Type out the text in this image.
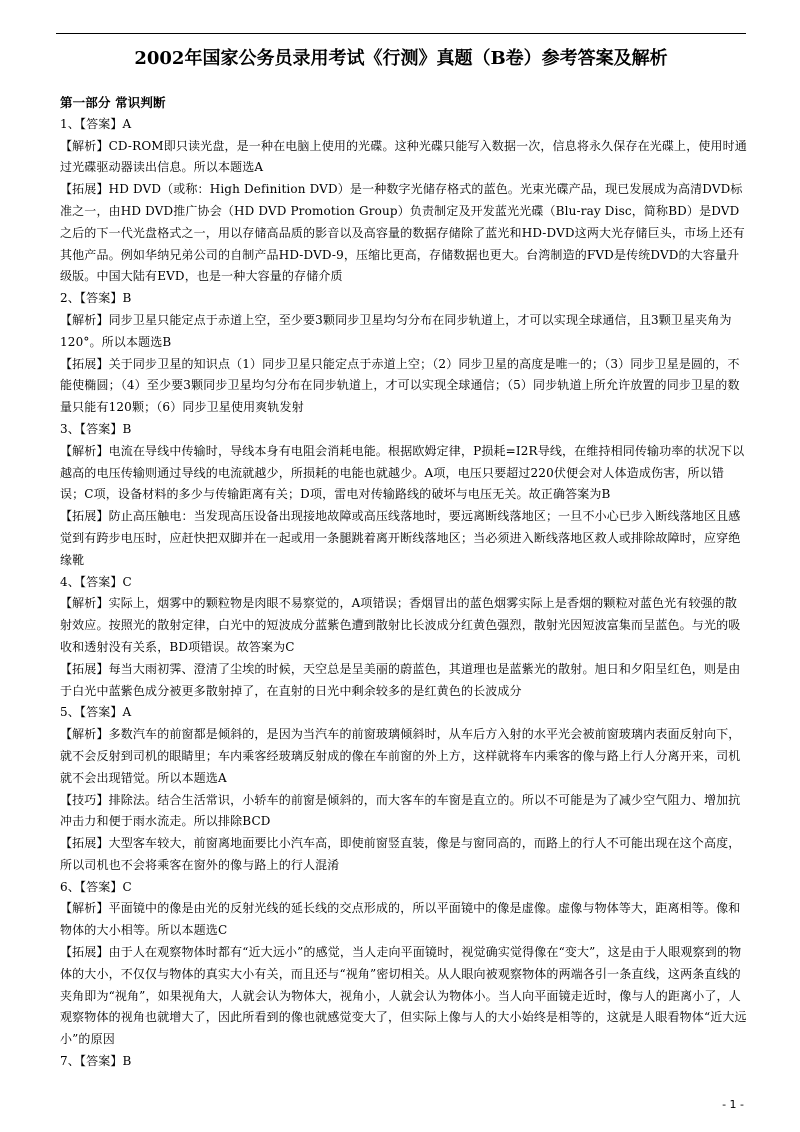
2002年国家公务员录用考试《行测》真题（B卷）参考答案及解析
第一部分 常识判断
1、【答案】A
【解析】CD-ROM即只读光盘，是一种在电脑上使用的光碟。这种光碟只能写入数据一次，信息将永久保存在光碟上，使用时通过光碟驱动器读出信息。所以本题选A
【拓展】HD DVD（或称：High Definition DVD）是一种数字光储存格式的蓝色。光束光碟产品，现已发展成为高清DVD标准之一，由HD DVD推广协会（HD DVD Promotion Group）负责制定及开发蓝光光碟（Blu-ray Disc，简称BD）是DVD之后的下一代光盘格式之一，用以存储高品质的影音以及高容量的数据存储除了蓝光和HD-DVD这两大光存储巨头，市场上还有其他产品。例如华纳兄弟公司的自制产品HD-DVD-9，压缩比更高，存储数据也更大。台湾制造的FVD是传统DVD的大容量升级版。中国大陆有EVD，也是一种大容量的存储介质
2、【答案】B
【解析】同步卫星只能定点于赤道上空，至少要3颗同步卫星均匀分布在同步轨道上，才可以实现全球通信，且3颗卫星夹角为120°。所以本题选B
【拓展】关于同步卫星的知识点（1）同步卫星只能定点于赤道上空；（2）同步卫星的高度是唯一的；（3）同步卫星是圆的，不能使椭圆；（4）至少要3颗同步卫星均匀分布在同步轨道上，才可以实现全球通信；（5）同步轨道上所允许放置的同步卫星的数量只能有120颗；（6）同步卫星使用爽轨发射
3、【答案】B
【解析】电流在导线中传输时，导线本身有电阻会消耗电能。根据欧姆定律，P损耗=I2R导线，在维持相同传输功率的状况下以越高的电压传输则通过导线的电流就越少，所损耗的电能也就越少。A项，电压只要超过220伏便会对人体造成伤害，所以错误；C项，设备材料的多少与传输距离有关；D项，雷电对传输路线的破坏与电压无关。故正确答案为B
【拓展】防止高压触电：当发现高压设备出现接地故障或高压线落地时，要远离断线落地区；一旦不小心已步入断线落地区且感觉到有跨步电压时，应赶快把双脚并在一起或用一条腿跳着离开断线落地区；当必须进入断线落地区救人或排除故障时，应穿绝缘靴
4、【答案】C
【解析】实际上，烟雾中的颗粒物是肉眼不易察觉的，A项错误；香烟冒出的蓝色烟雾实际上是香烟的颗粒对蓝色光有较强的散射效应。按照光的散射定律，白光中的短波成分蓝紫色遭到散射比长波成分红黄色强烈，散射光因短波富集而呈蓝色。与光的吸收和透射没有关系，BD项错误。故答案为C
【拓展】每当大雨初霁、澄清了尘埃的时候，天空总是呈美丽的蔚蓝色，其道理也是蓝紫光的散射。旭日和夕阳呈红色，则是由于白光中蓝紫色成分被更多散射掉了，在直射的日光中剩余较多的是红黄色的长波成分
5、【答案】A
【解析】多数汽车的前窗都是倾斜的，是因为当汽车的前窗玻璃倾斜时，从车后方入射的水平光会被前窗玻璃内表面反射向下，就不会反射到司机的眼睛里；车内乘客经玻璃反射成的像在车前窗的外上方，这样就将车内乘客的像与路上行人分离开来，司机就不会出现错觉。所以本题选A
【技巧】排除法。结合生活常识，小轿车的前窗是倾斜的，而大客车的车窗是直立的。所以不可能是为了减少空气阻力、增加抗冲击力和便于雨水流走。所以排除BCD
【拓展】大型客车较大，前窗离地面要比小汽车高，即使前窗竖直装，像是与窗同高的，而路上的行人不可能出现在这个高度，所以司机也不会将乘客在窗外的像与路上的行人混淆
6、【答案】C
【解析】平面镜中的像是由光的反射光线的延长线的交点形成的，所以平面镜中的像是虚像。虚像与物体等大，距离相等。像和物体的大小相等。所以本题选C
【拓展】由于人在观察物体时都有“近大远小”的感觉，当人走向平面镜时，视觉确实觉得像在“变大”，这是由于人眼观察到的物体的大小，不仅仅与物体的真实大小有关，而且还与“视角”密切相关。从人眼向被观察物体的两端各引一条直线，这两条直线的夹角即为“视角”，如果视角大，人就会认为物体大，视角小，人就会认为物体小。当人向平面镜走近时，像与人的距离小了，人观察物体的视角也就增大了，因此所看到的像也就感觉变大了，但实际上像与人的大小始终是相等的，这就是人眼看物体“近大远小”的原因
7、【答案】B
- 1 -
